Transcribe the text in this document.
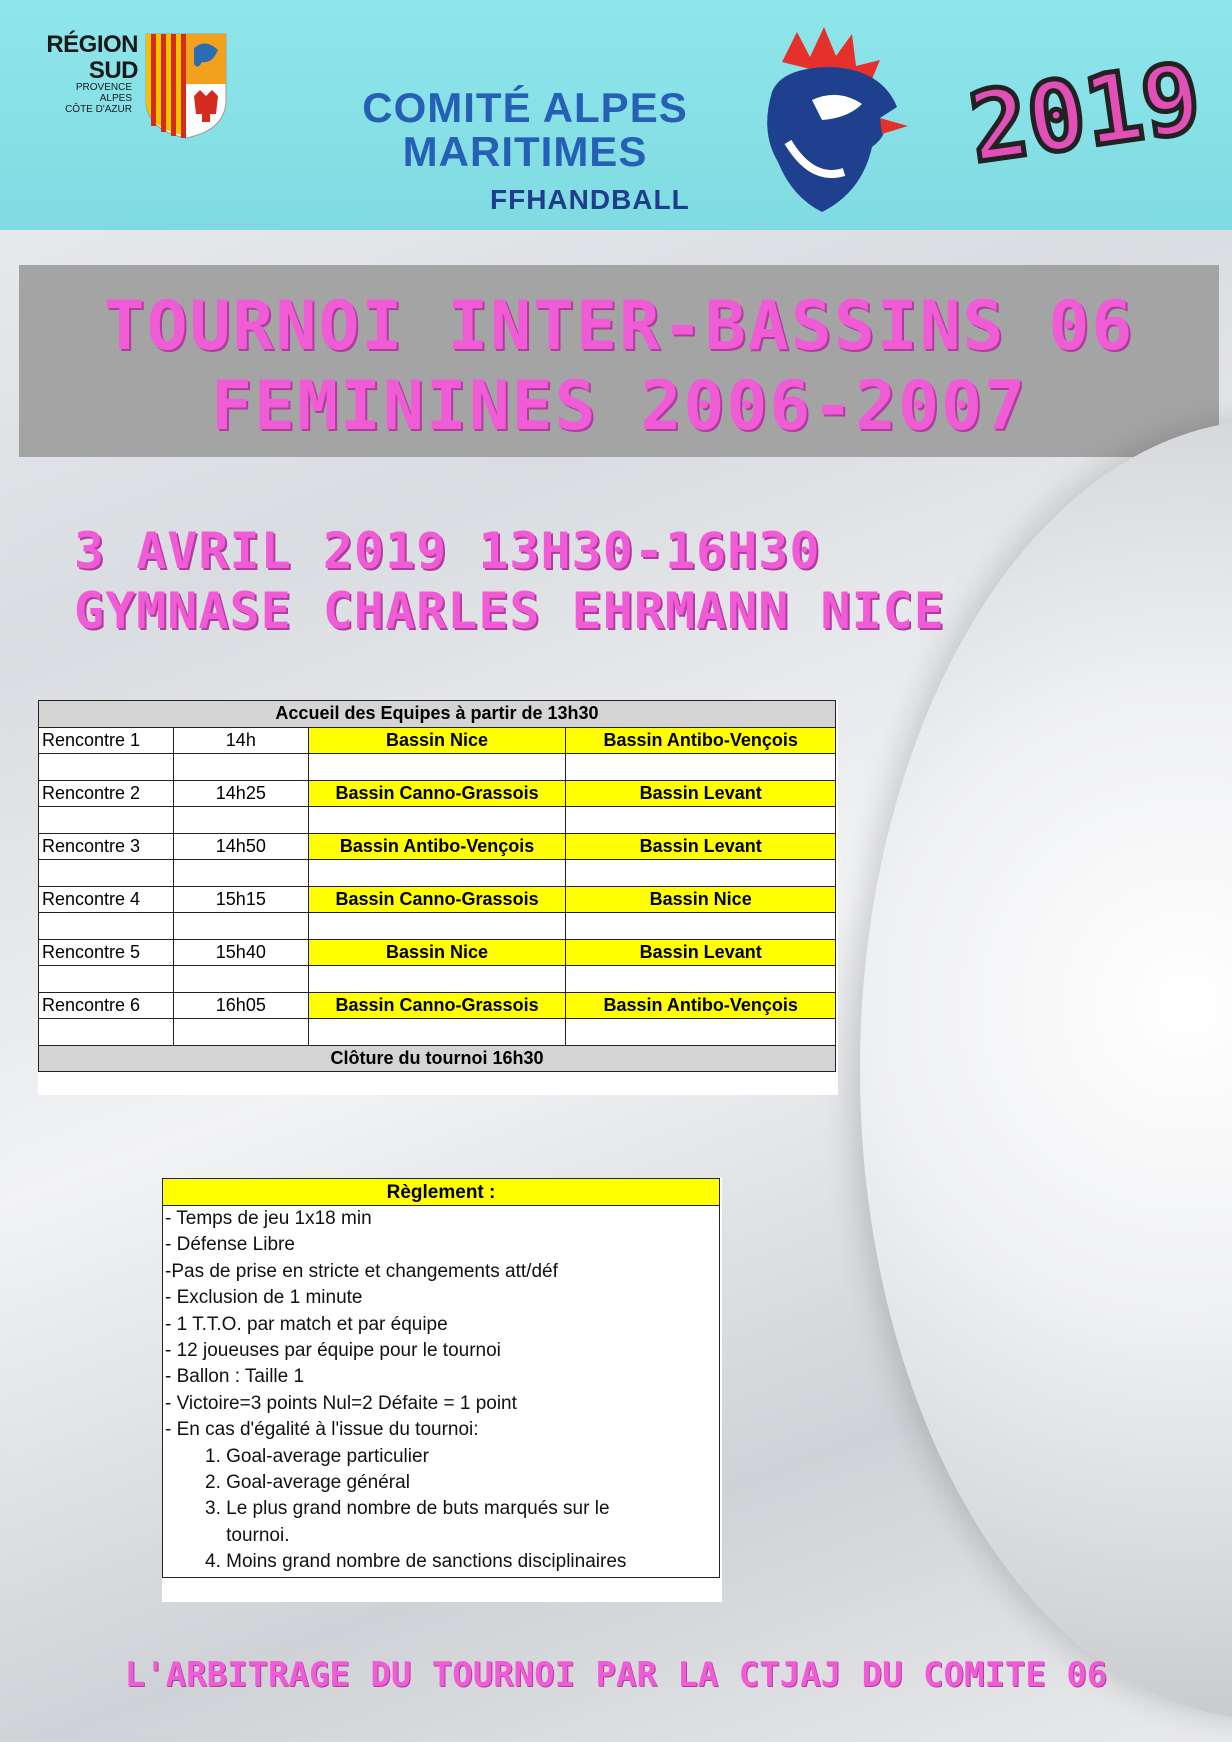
RÉGION
SUD
PROVENCE
ALPES
CÔTE D'AZUR	COMITÉ ALPES
MARITIMES
FFHANDBALL
2019
TOURNOI INTER-BASSINS 06
FEMININES 2006-2007
3 AVRIL 2019 13H30-16H30
GYMNASE CHARLES EHRMANN NICE
Accueil des Equipes à partir de 13h30			
Rencontre 1	14h	Bassin Nice	Bassin Antibo-Vençois

Rencontre 2	14h25	Bassin Canno-Grassois	Bassin Levant

Rencontre 3	14h50	Bassin Antibo-Vençois	Bassin Levant

Rencontre 4	15h15	Bassin Canno-Grassois	Bassin Nice

Rencontre 5	15h40	Bassin Nice	Bassin Levant

Rencontre 6	16h05	Bassin Canno-Grassois	Bassin Antibo-Vençois

Clôture du tournoi 16h30			
Règlement :
- Temps de jeu 1x18 min
- Défense Libre
-Pas de prise en stricte et changements att/déf
- Exclusion de 1 minute
- 1 T.T.O. par match et par équipe
- 12 joueuses par équipe pour le tournoi
- Ballon : Taille 1
- Victoire=3 points Nul=2 Défaite = 1 point
- En cas d'égalité à l'issue du tournoi:
1. Goal-average particulier
2. Goal-average général
3. Le plus grand nombre de buts marqués sur le
tournoi.
4. Moins grand nombre de sanctions disciplinaires
L'ARBITRAGE DU TOURNOI PAR LA CTJAJ DU COMITE 06
